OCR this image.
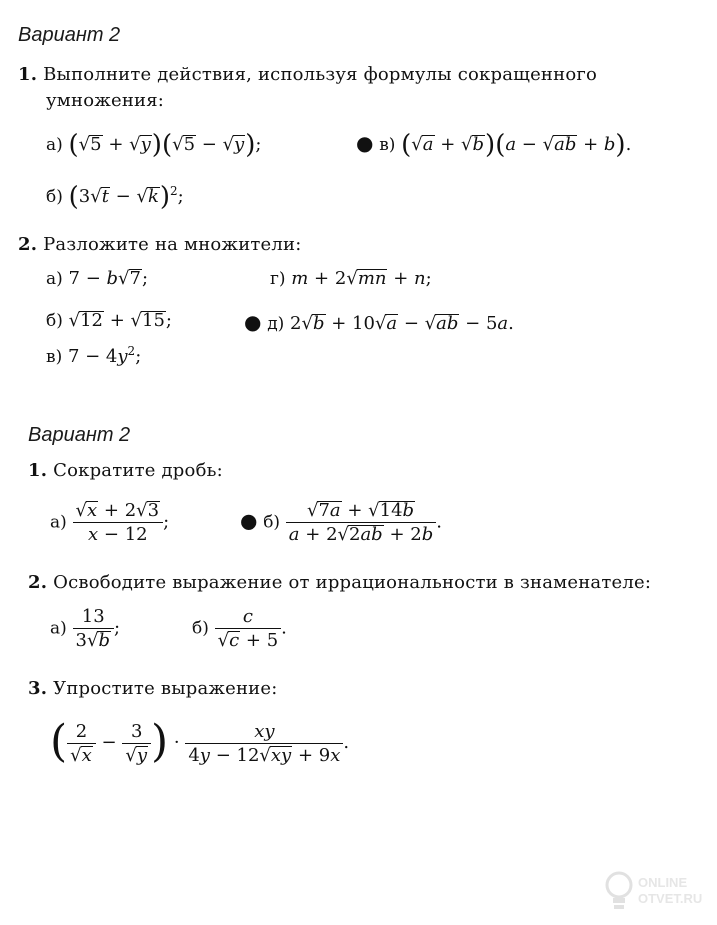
Вариант 2
1. Выполните действия, используя формулы сокращенного
умножения:
а) (√5 + √y)(√5 − √y);	● в) (√a + √b)(a − √ab + b).
б) $(3√t - √k)^2$;
2. Разложите на множители:
а) 7 − b√7;	г) m + 2√mn + n;
б) √12 + √15;	● д) 2√b + 10√a − √ab − 5a.
в) $7 - 4y^2$;
Вариант 2
1. Сократите дробь:
$а) \frac{√x + 2√3}{x - 12}$ ;	● $б) \frac{√7a + √14b}{a + 2√2ab + 2b}$ .
2. Освободите выражение от иррациональности в знаменателе:
$а) \frac{13}{3√b}$ ;	$б) \frac{c}{√c + 5}$ .
3. Упростите выражение:
( $\frac{2}{√x} - \frac{3}{√y}$ ) · $\frac{xy}{4y - 12√xy + 9x}$ .
ONLINE
OTVET.RU
